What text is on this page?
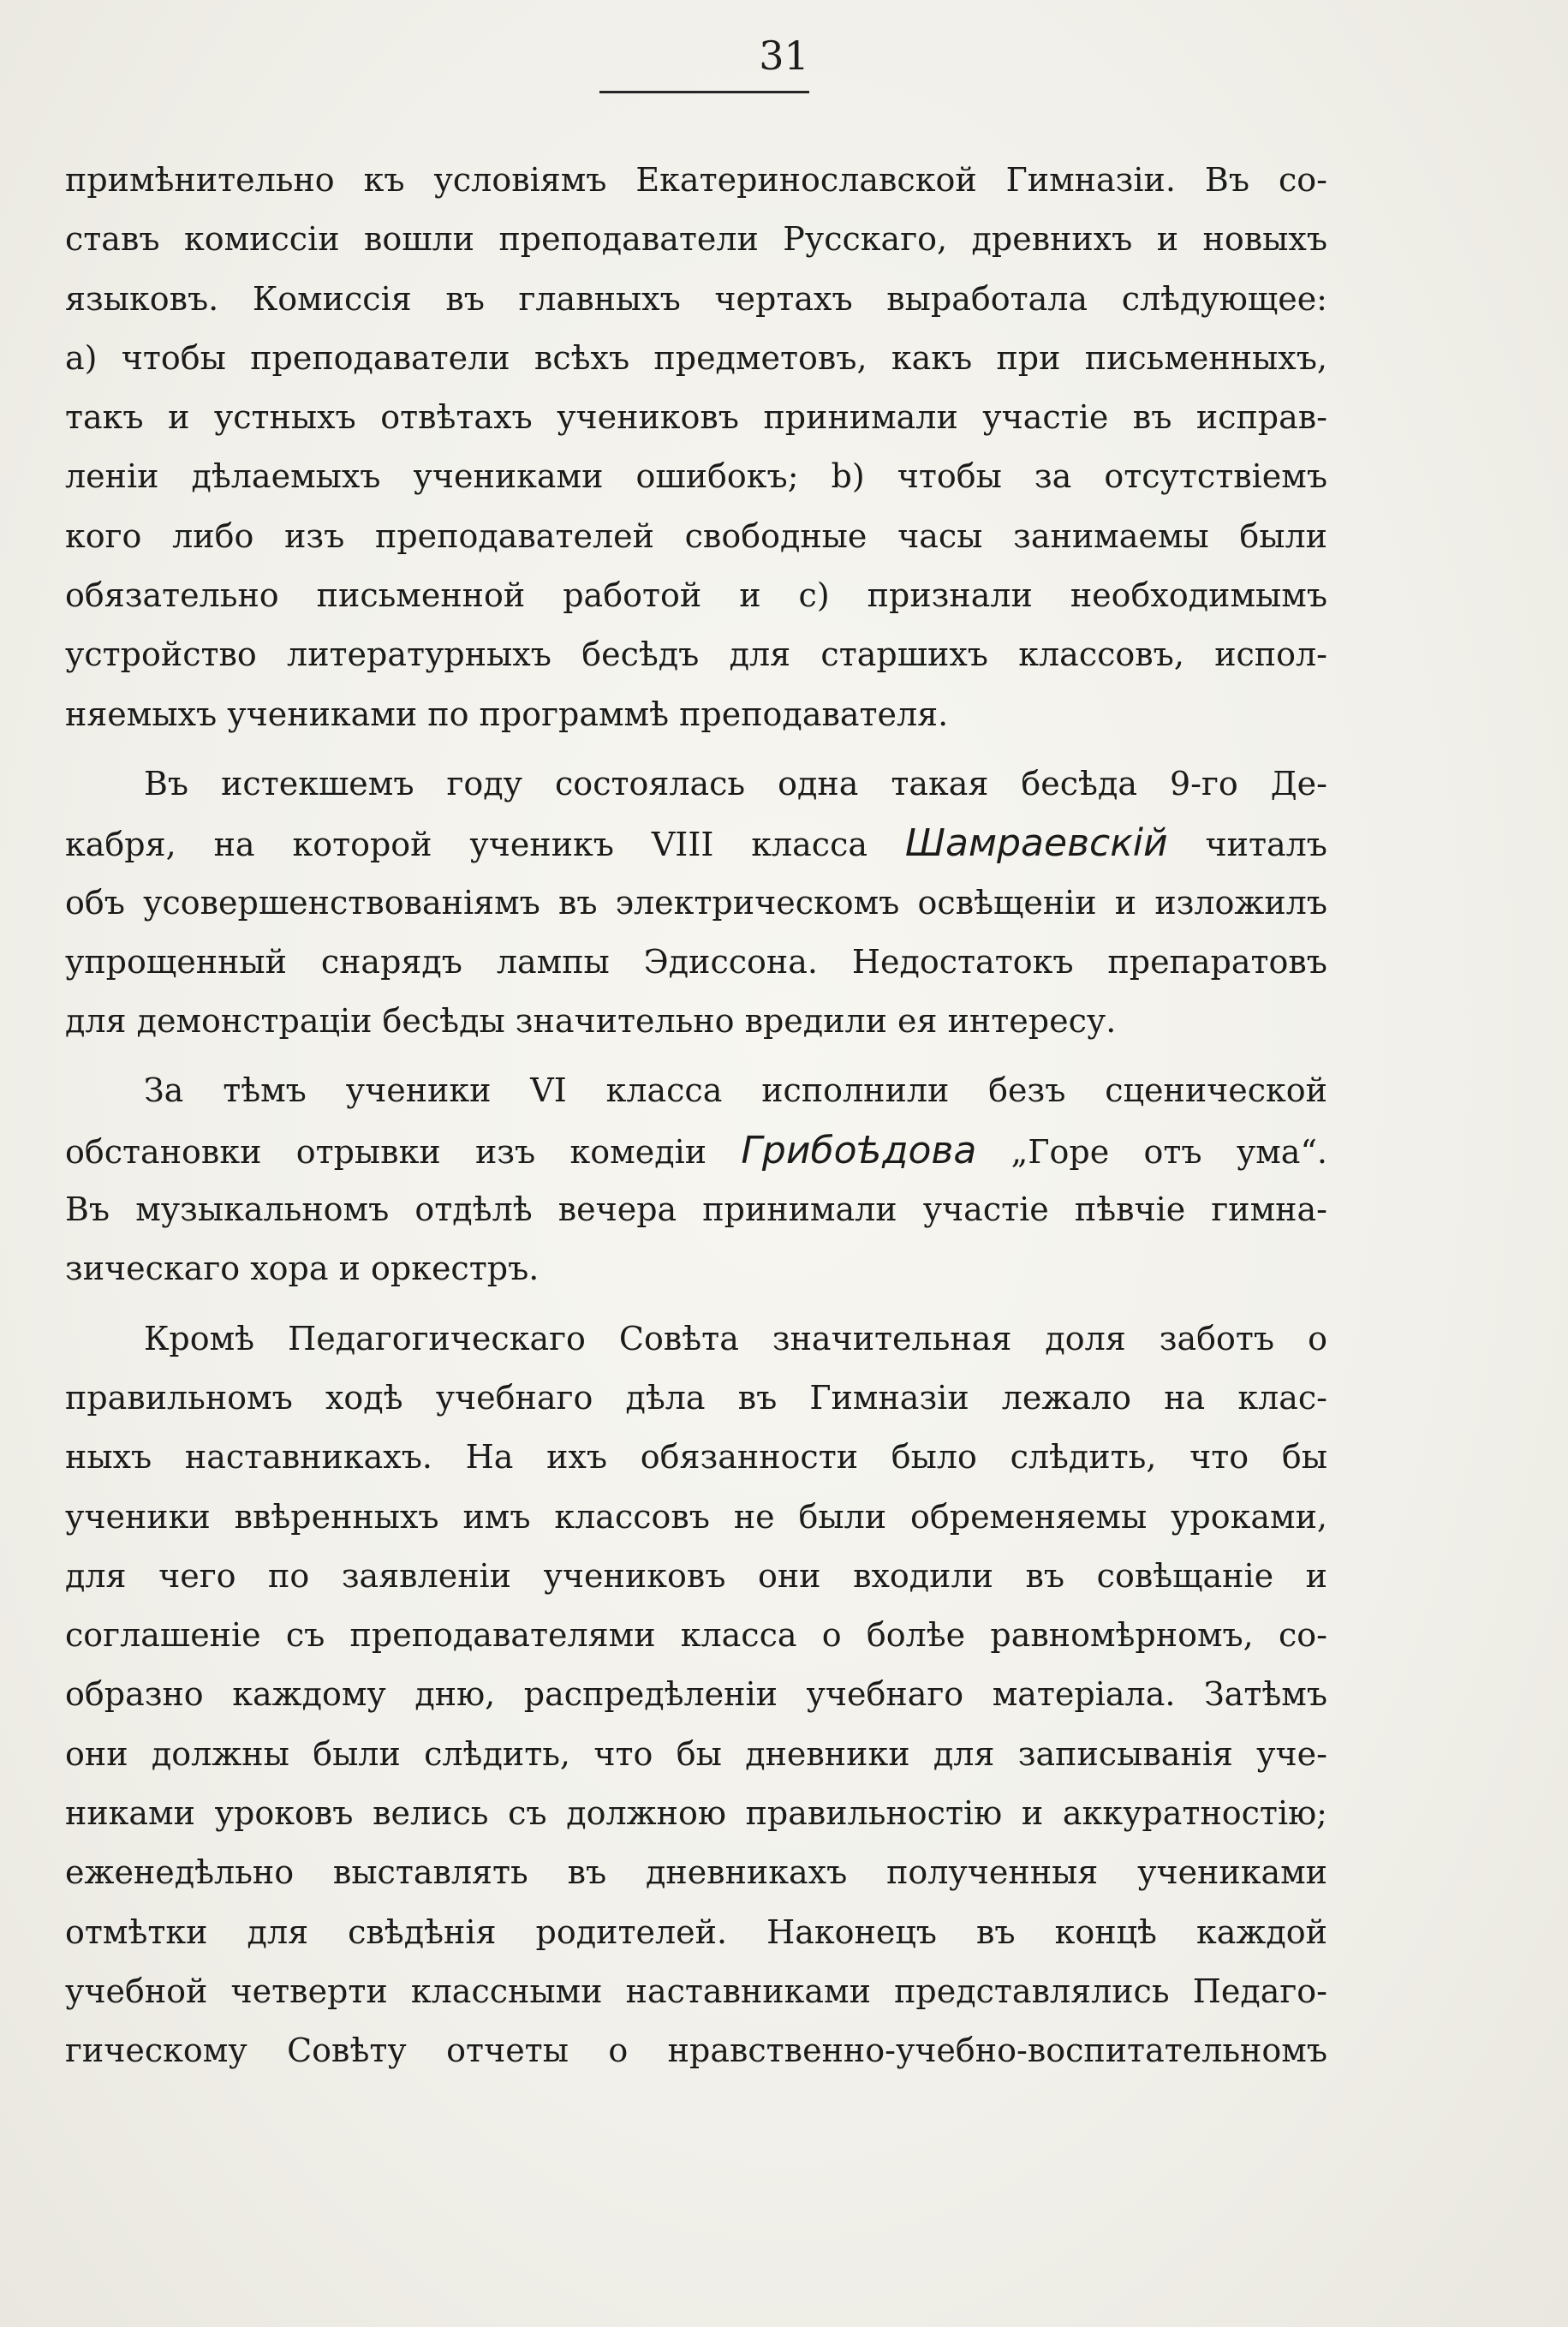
31
примѣнительно къ условіямъ Екатеринославской Гимназіи. Въ со-
ставъ комиссіи вошли преподаватели Русскаго, древнихъ и новыхъ
языковъ. Комиссія въ главныхъ чертахъ выработала слѣдующее:
a) чтобы преподаватели всѣхъ предметовъ, какъ при письменныхъ,
такъ и устныхъ отвѣтахъ учениковъ принимали участіе въ исправ-
леніи дѣлаемыхъ учениками ошибокъ; b) чтобы за отсутствіемъ
кого либо изъ преподавателей свободные часы занимаемы были
обязательно письменной работой и c) признали необходимымъ
устройство литературныхъ бесѣдъ для старшихъ классовъ, испол-
няемыхъ учениками по программѣ преподавателя.
Въ истекшемъ году состоялась одна такая бесѣда 9-го Де-
кабря, на которой ученикъ VIII класса Шамраевскій читалъ
объ усовершенствованіямъ въ электрическомъ освѣщеніи и изложилъ
упрощенный снарядъ лампы Эдиссона. Недостатокъ препаратовъ
для демонстраціи бесѣды значительно вредили ея интересу.
За тѣмъ ученики VI класса исполнили безъ сценической
обстановки отрывки изъ комедіи Грибоѣдова „Горе отъ ума“.
Въ музыкальномъ отдѣлѣ вечера принимали участіе пѣвчіе гимна-
зическаго хора и оркестръ.
Кромѣ Педагогическаго Совѣта значительная доля заботъ о
правильномъ ходѣ учебнаго дѣла въ Гимназіи лежало на клас-
ныхъ наставникахъ. На ихъ обязанности было слѣдить, что бы
ученики ввѣренныхъ имъ классовъ не были обременяемы уроками,
для чего по заявленіи учениковъ они входили въ совѣщаніе и
соглашеніе съ преподавателями класса о болѣе равномѣрномъ, со-
образно каждому дню, распредѣленіи учебнаго матеріала. Затѣмъ
они должны были слѣдить, что бы дневники для записыванія уче-
никами уроковъ велись съ должною правильностію и аккуратностію;
еженедѣльно выставлять въ дневникахъ полученныя учениками
отмѣтки для свѣдѣнія родителей. Наконецъ въ концѣ каждой
учебной четверти классными наставниками представлялись Педаго-
гическому Совѣту отчеты о нравственно-учебно-воспитательномъ
